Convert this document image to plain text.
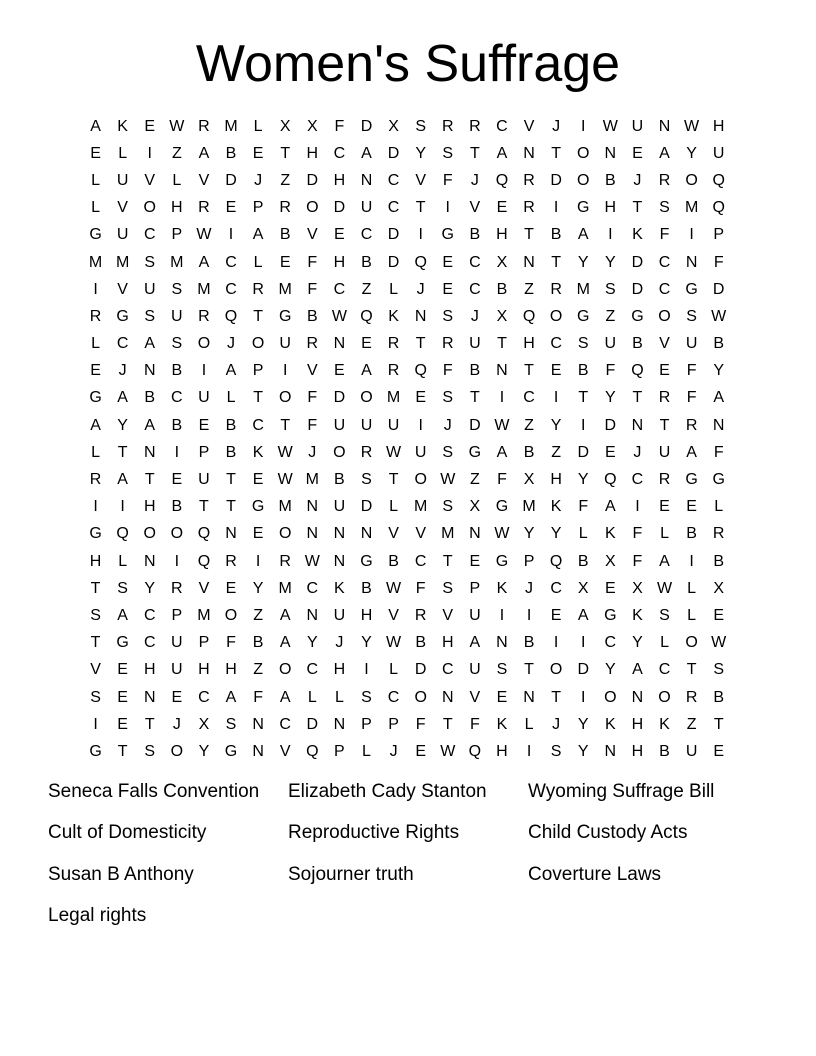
Women's Suffrage
A	K	E W R M L	X	X	F	D X	S R R C V	J	I	W U N W H
E	L	I	Z	A	B	E	T	H C A D Y	S	T	A N	T O N E	A	Y U
L	U V	L	V D	J	Z	D H N C V	F	J	Q R D O B	J	R O Q
L	V O H R E	P R O D U C	T	I	V	E R	I	G H	T	S M Q
G U C P W	I	A	B	V	E C D	I	G B H	T	B	A	I	K	F	I	P
M M S M A C	L	E	F	H B D Q E C X N	T	Y	Y D C N	F
I	V U S M C R M F	C	Z	L	J	E C B	Z	R M S D C G D
R G S U R Q T G B W Q K N S	J	X Q O G Z G O S W
L	C A	S O	J	O U R N E R	T	R U	T	H C S U B	V U B
E	J	N B	I	A	P	I	V	E	A R Q F	B N	T	E	B	F Q E	F	Y
G A	B C U	L	T O F	D O M E	S	T	I	C	I	T	Y	T	R	F	A
A	Y	A	B	E	B C	T	F	U U U	I	J	D W Z	Y	I	D N	T	R N
L	T	N	I	P	B	K W J	O R W U S G A	B	Z	D E	J	U A	F
R A	T	E U	T	E W M B	S	T O W Z	F	X H Y Q C R G G
I	I	H B	T	T G M N U D	L M S	X G M K	F	A	I	E	E	L
G Q O O Q N E O N N N V	V M N W Y	Y	L	K	F	L	B R
H	L	N	I	Q R	I	R W N G B C	T	E G P Q B	X	F	A	I	B
T	S	Y R V	E	Y M C K	B W F	S	P	K	J	C X	E	X W L	X
S	A C P M O Z	A N U H V R V U	I	I	E	A G K	S	L	E
T G C U P	F	B	A	Y	J	Y W B H A N B	I	I	C Y	L	O W
V	E H U H H	Z O C H	I	L	D C U S	T O D Y	A C	T	S
S	E N E C A	F	A	L	L	S C O N V	E N	T	I	O N O R B
I	E	T	J	X	S N C D N P	P	F	T	F	K	L	J	Y	K H K	Z	T
G T	S O Y G N V Q P	L	J	E W Q H	I	S	Y N H B U E
Seneca Falls Convention	Elizabeth Cady Stanton	Wyoming Suffrage Bill
Cult of Domesticity	Reproductive Rights	Child Custody Acts
Susan B Anthony	Sojourner truth	Coverture Laws
Legal rights
